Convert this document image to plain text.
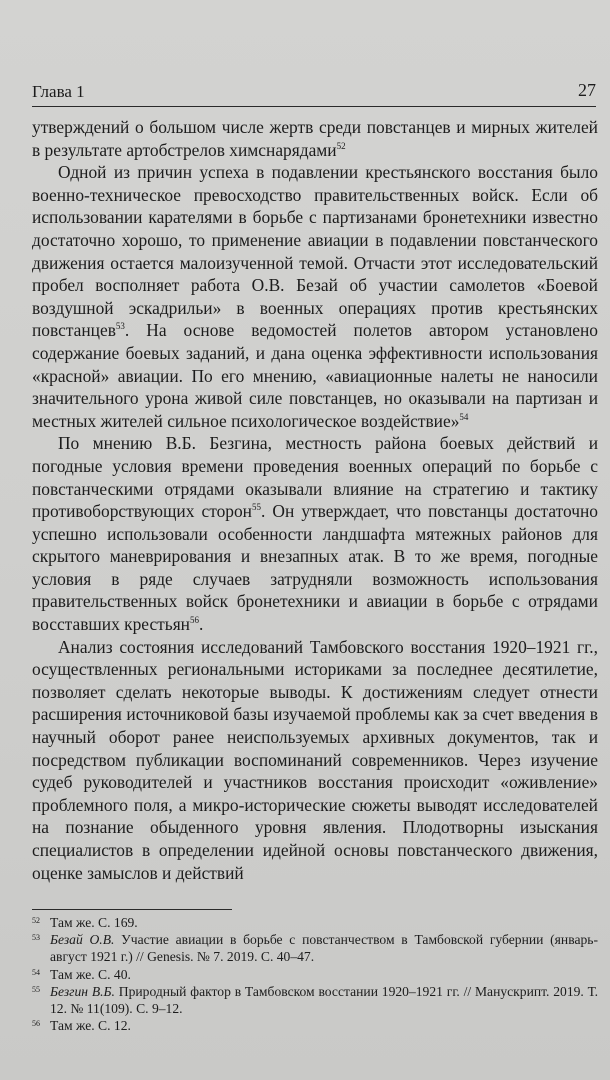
Глава 1	27

утверждений о большом числе жертв среди повстанцев и мирных жителей в результате артобстрелов химснарядами$^{52}$

Одной из причин успеха в подавлении крестьянского восстания было военно-техническое превосходство правительственных войск. Если об использовании карателями в борьбе с партизанами бронетехники известно достаточно хорошо, то применение авиации в подавлении повстанческого движения остается малоизученной темой. Отчасти этот исследовательский пробел восполняет работа О.В. Безай об участии самолетов «Боевой воздушной эскадрильи» в военных операциях против крестьянских повстанцев$^{53}$. На основе ведомостей полетов автором установлено содержание боевых заданий, и дана оценка эффективности использования «красной» авиации. По его мнению, «авиационные налеты не наносили значительного урона живой силе повстанцев, но оказывали на партизан и местных жителей сильное психологическое воздействие»$^{54}$

По мнению В.Б. Безгина, местность района боевых действий и погодные условия времени проведения военных операций по борьбе с повстанческими отрядами оказывали влияние на стратегию и тактику противоборствующих сторон$^{55}$. Он утверждает, что повстанцы достаточно успешно использовали особенности ландшафта мятежных районов для скрытого маневрирования и внезапных атак. В то же время, погодные условия в ряде случаев затрудняли возможность использования правительственных войск бронетехники и авиации в борьбе с отрядами восставших крестьян$^{56}$.

Анализ состояния исследований Тамбовского восстания 1920–1921 гг., осуществленных региональными историками за последнее десятилетие, позволяет сделать некоторые выводы. К достижениям следует отнести расширения источниковой базы изучаемой проблемы как за счет введения в научный оборот ранее неиспользуемых архивных документов, так и посредством публикации воспоминаний современников. Через изучение судеб руководителей и участников восстания происходит «оживление» проблемного поля, а микро-исторические сюжеты выводят исследователей на познание обыденного уровня явления. Плодотворны изыскания специалистов в определении идейной основы повстанческого движения, оценке замыслов и действий

52 Там же. С. 169.
53 Безай О.В. Участие авиации в борьбе с повстанчеством в Тамбовской губернии (январь-август 1921 г.) // Genesis. № 7. 2019. С. 40–47.
54 Там же. С. 40.
55 Безгин В.Б. Природный фактор в Тамбовском восстании 1920–1921 гг. // Манускрипт. 2019. Т. 12. № 11(109). С. 9–12.
56 Там же. С. 12.
